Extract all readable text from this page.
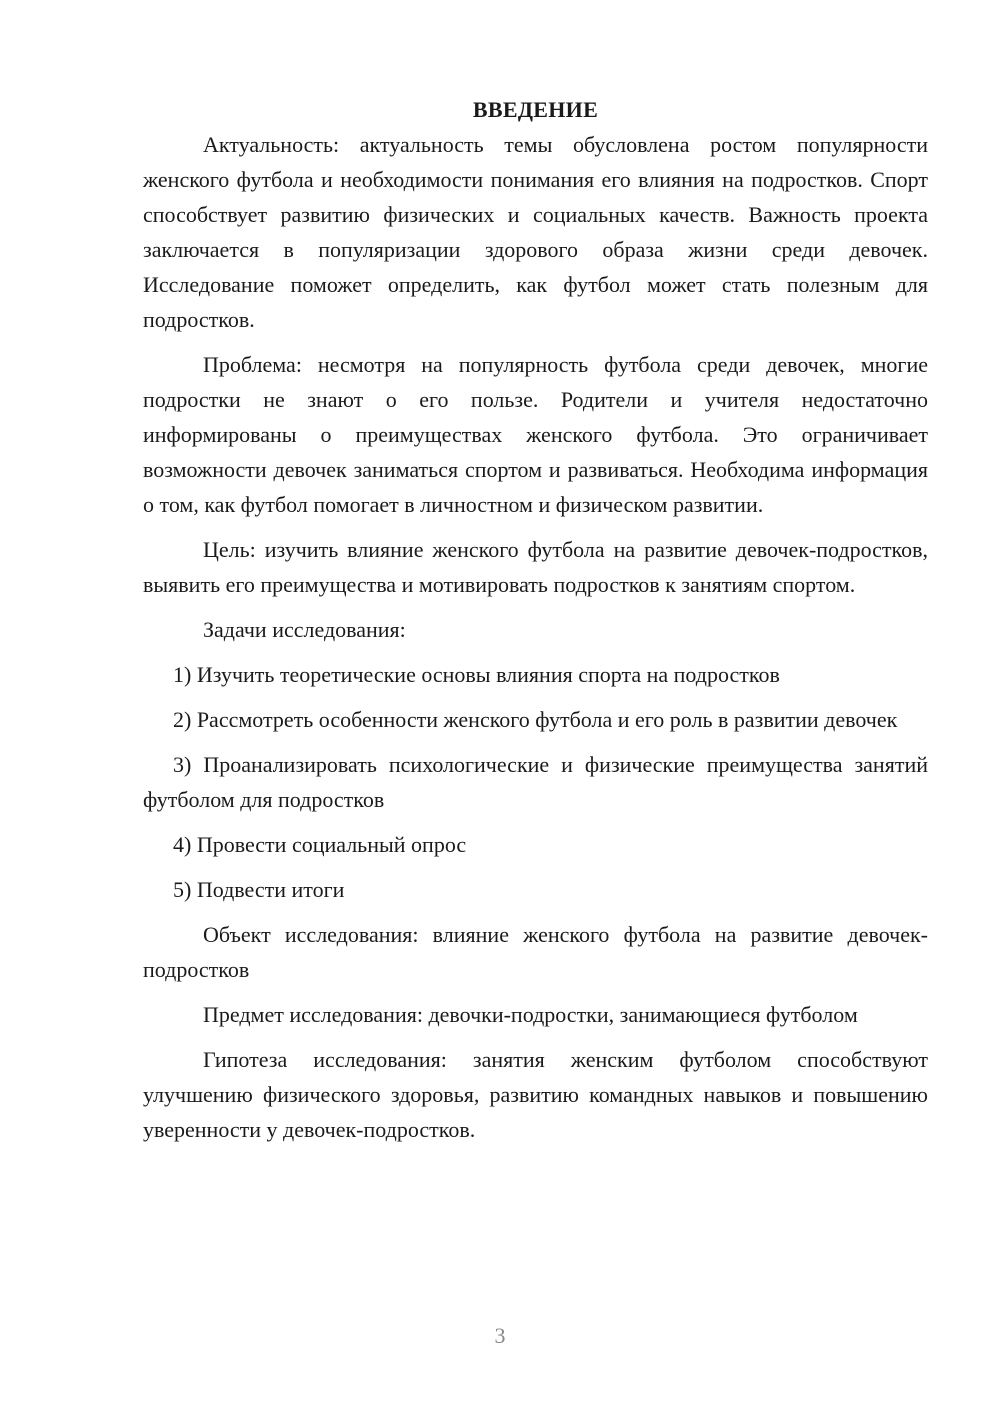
ВВЕДЕНИЕ

Актуальность: актуальность темы обусловлена ростом популярности женского футбола и необходимости понимания его влияния на подростков. Спорт способствует развитию физических и социальных качеств. Важность проекта заключается в популяризации здорового образа жизни среди девочек. Исследование поможет определить, как футбол может стать полезным для подростков.

Проблема: несмотря на популярность футбола среди девочек, многие подростки не знают о его пользе. Родители и учителя недостаточно информированы о преимуществах женского футбола. Это ограничивает возможности девочек заниматься спортом и развиваться. Необходима информация о том, как футбол помогает в личностном и физическом развитии.

Цель: изучить влияние женского футбола на развитие девочек-подростков, выявить его преимущества и мотивировать подростков к занятиям спортом.

Задачи исследования:

1) Изучить теоретические основы влияния спорта на подростков

2) Рассмотреть особенности женского футбола и его роль в развитии девочек

3) Проанализировать психологические и физические преимущества занятий футболом для подростков

4) Провести социальный опрос

5) Подвести итоги

Объект исследования: влияние женского футбола на развитие девочек-подростков

Предмет исследования: девочки-подростки, занимающиеся футболом

Гипотеза исследования: занятия женским футболом способствуют улучшению физического здоровья, развитию командных навыков и повышению уверенности у девочек-подростков.

3
